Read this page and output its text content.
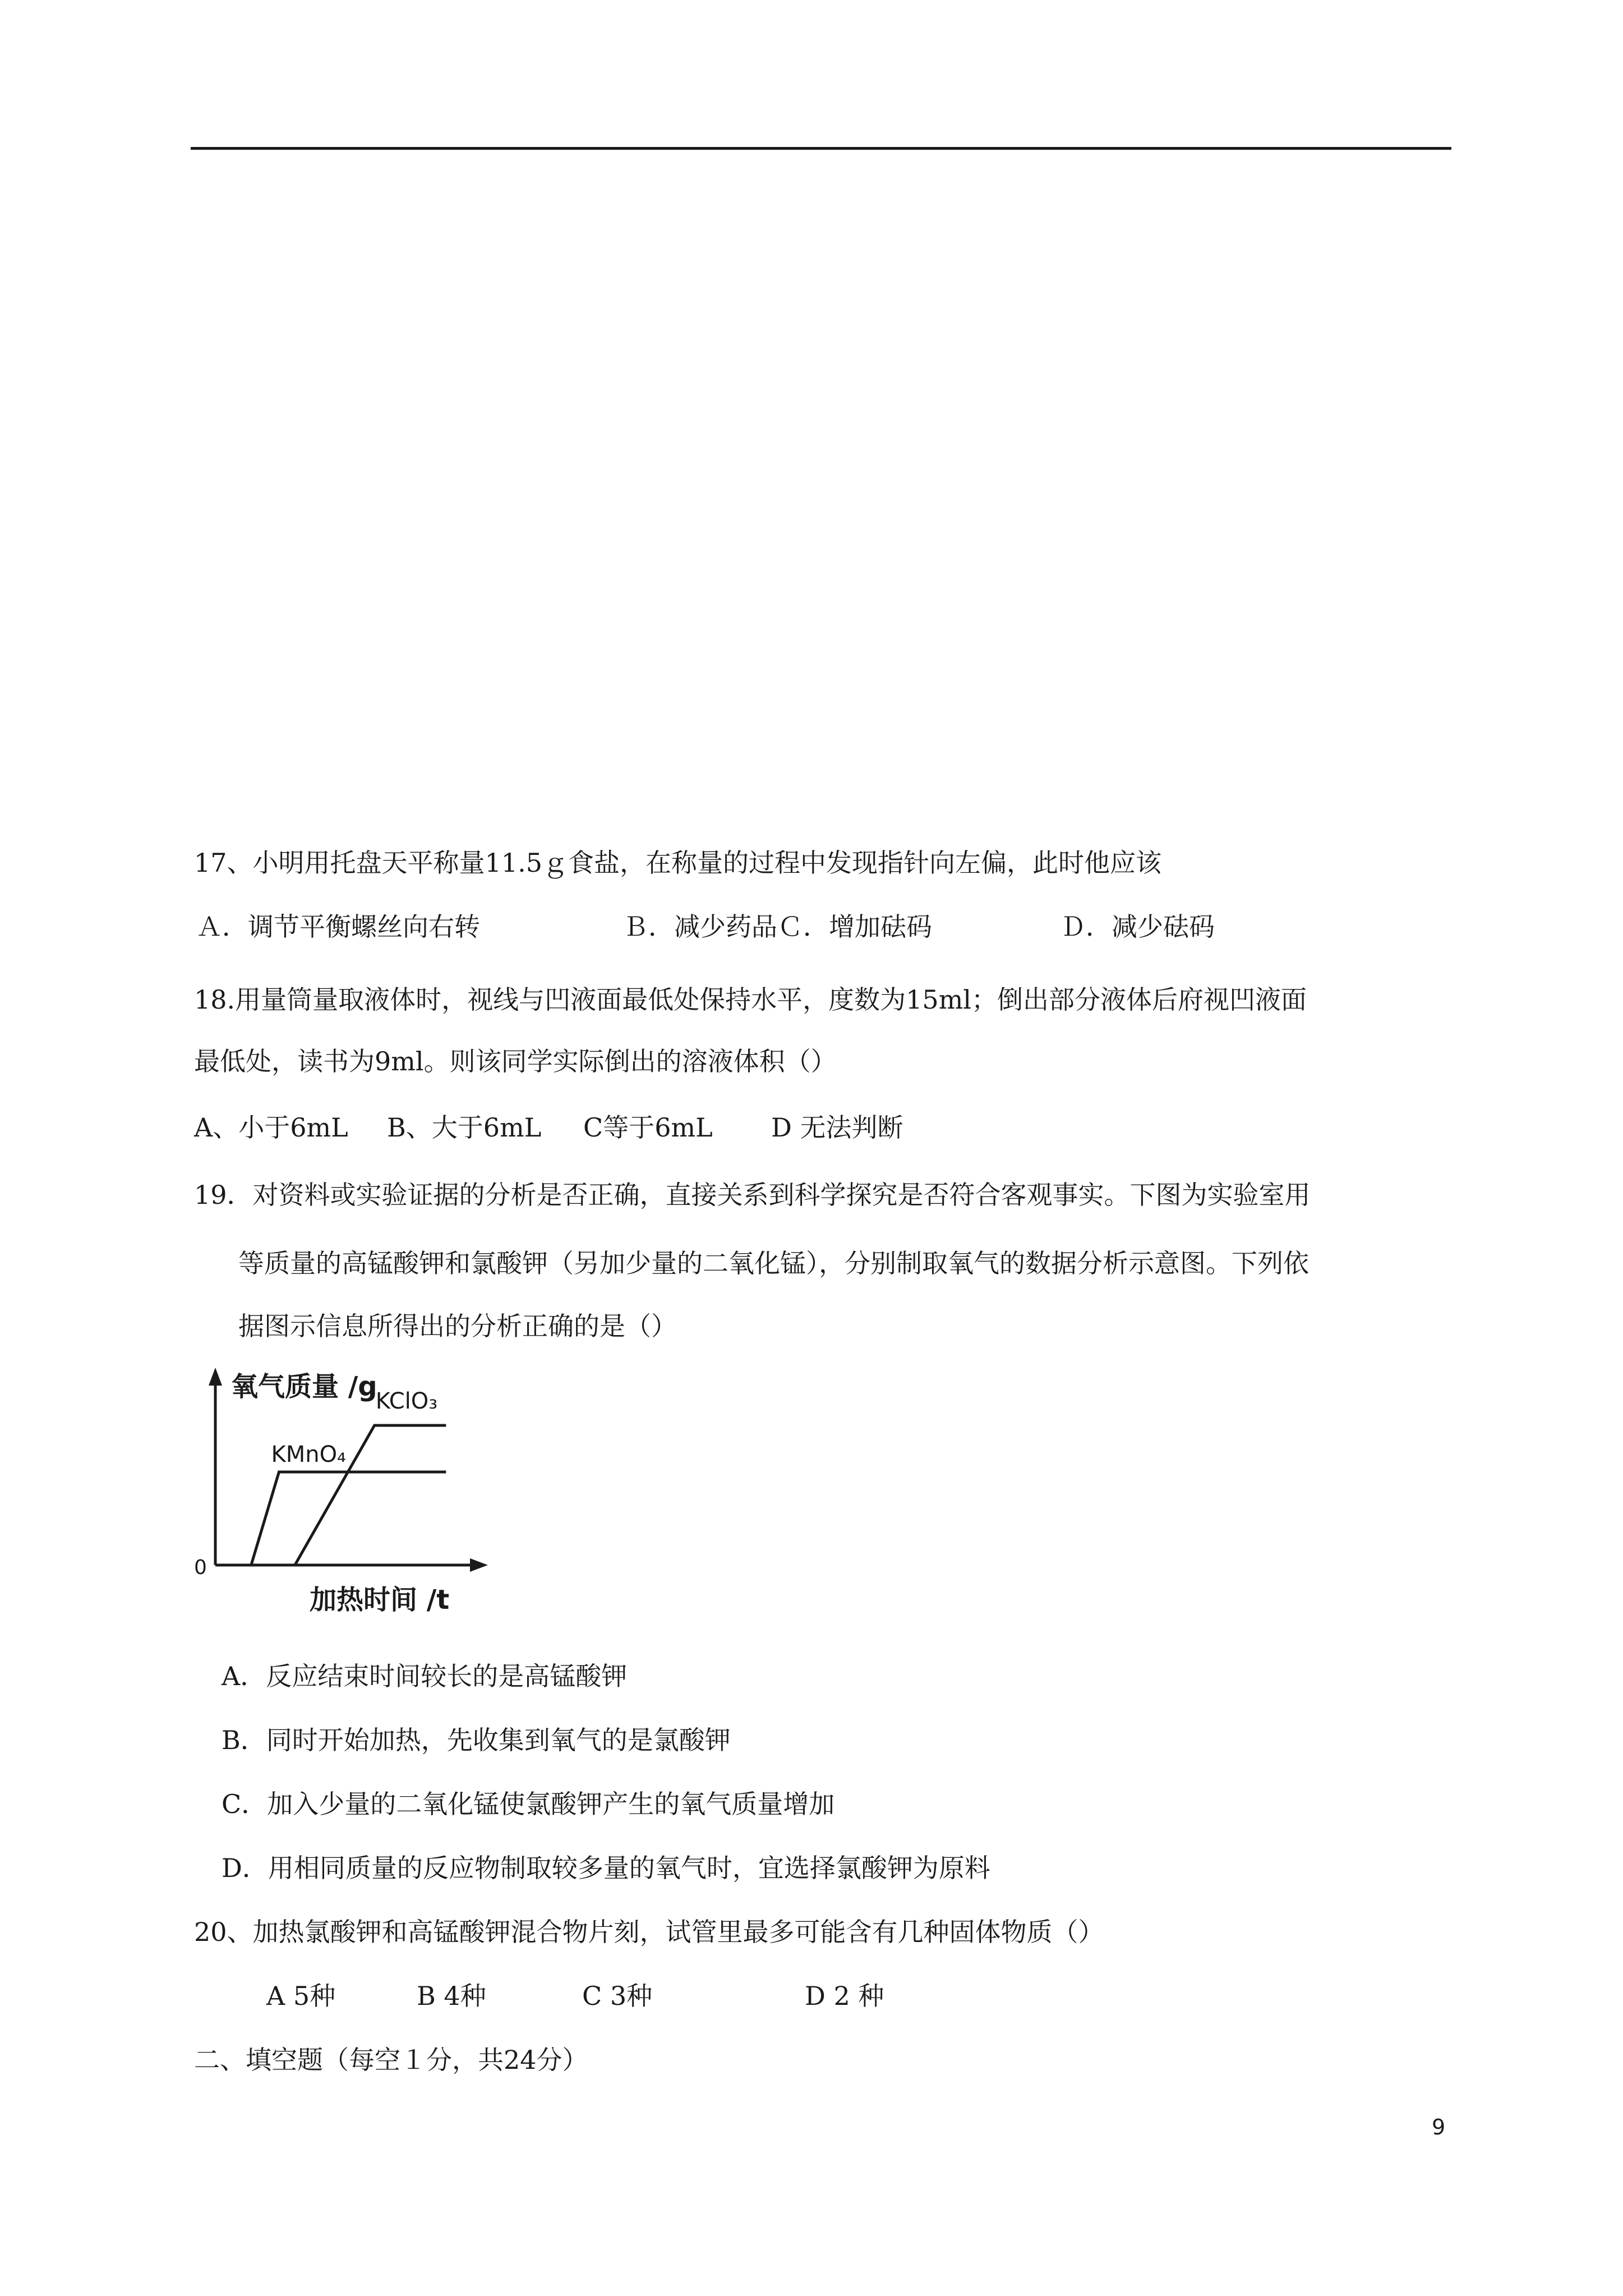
17、小明用托盘天平称量11.5ｇ食盐，在称量的过程中发现指针向左偏，此时他应该
Ａ．调节平衡螺丝向右转	Ｂ．减少药品Ｃ．增加砝码	Ｄ．减少砝码
18.用量筒量取液体时，视线与凹液面最低处保持水平，度数为15ml；倒出部分液体后府视凹液面
最低处，读书为9ml。则该同学实际倒出的溶液体积（）
A、小于6mL B、大于6mL C等于6mL D 无法判断
19．对资料或实验证据的分析是否正确，直接关系到科学探究是否符合客观事实。下图为实验室用
等质量的高锰酸钾和氯酸钾（另加少量的二氧化锰），分别制取氧气的数据分析示意图。下列依
据图示信息所得出的分析正确的是（）
KMnO₄
KClO₃
氧气质量 /g
加热时间 /t
0
A．反应结束时间较长的是高锰酸钾
B．同时开始加热，先收集到氧气的是氯酸钾
C．加入少量的二氧化锰使氯酸钾产生的氧气质量增加
D．用相同质量的反应物制取较多量的氧气时，宜选择氯酸钾为原料
20、加热氯酸钾和高锰酸钾混合物片刻，试管里最多可能含有几种固体物质（）
A 5种	B 4种	C 3种	D 2 种
二、填空题（每空１分，共24分）
9
